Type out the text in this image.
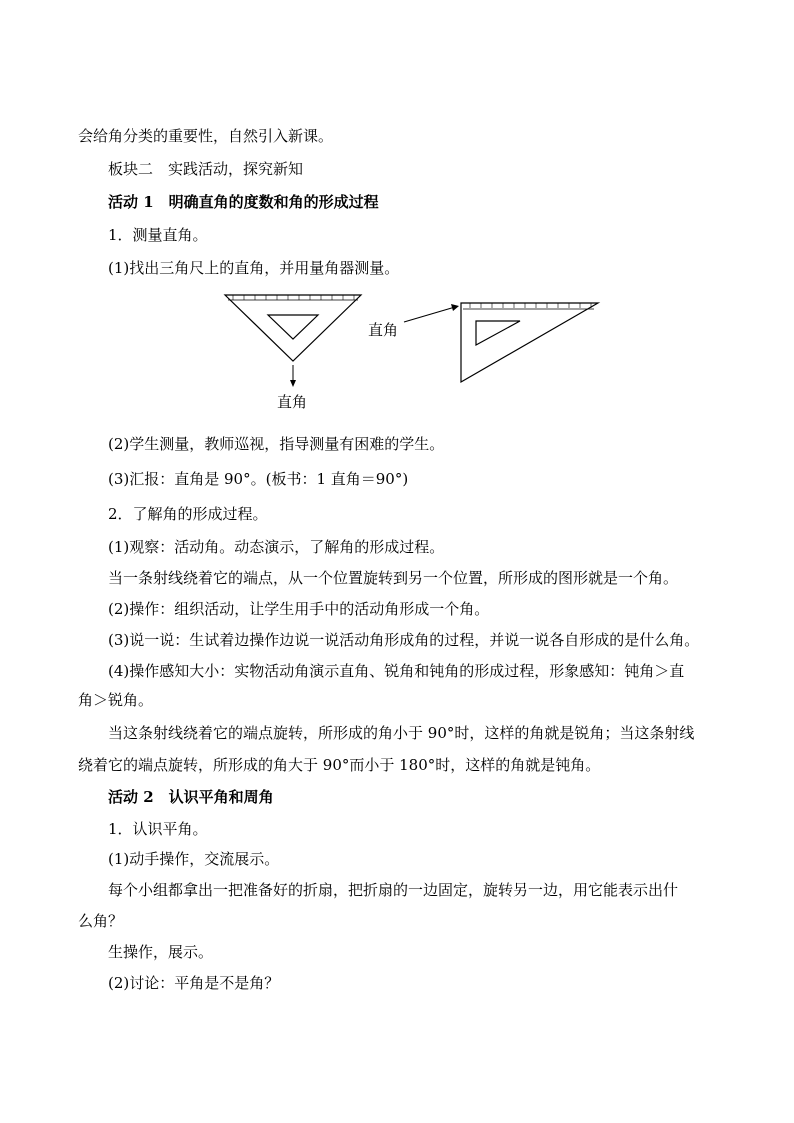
会给角分类的重要性，自然引入新课。
板块二　实践活动，探究新知
活动 1　明确直角的度数和角的形成过程
1．测量直角。
(1)找出三角尺上的直角，并用量角器测量。
直角
直角
(2)学生测量，教师巡视，指导测量有困难的学生。
(3)汇报：直角是 90°。(板书：1 直角＝90°)
2．了解角的形成过程。
(1)观察：活动角。动态演示，了解角的形成过程。
当一条射线绕着它的端点，从一个位置旋转到另一个位置，所形成的图形就是一个角。
(2)操作：组织活动，让学生用手中的活动角形成一个角。
(3)说一说：生试着边操作边说一说活动角形成角的过程，并说一说各自形成的是什么角。
(4)操作感知大小：实物活动角演示直角、锐角和钝角的形成过程，形象感知：钝角＞直
角＞锐角。
当这条射线绕着它的端点旋转，所形成的角小于 90°时，这样的角就是锐角；当这条射线
绕着它的端点旋转，所形成的角大于 90°而小于 180°时，这样的角就是钝角。
活动 2　认识平角和周角
1．认识平角。
(1)动手操作，交流展示。
每个小组都拿出一把准备好的折扇，把折扇的一边固定，旋转另一边，用它能表示出什
么角？
生操作，展示。
(2)讨论：平角是不是角？
